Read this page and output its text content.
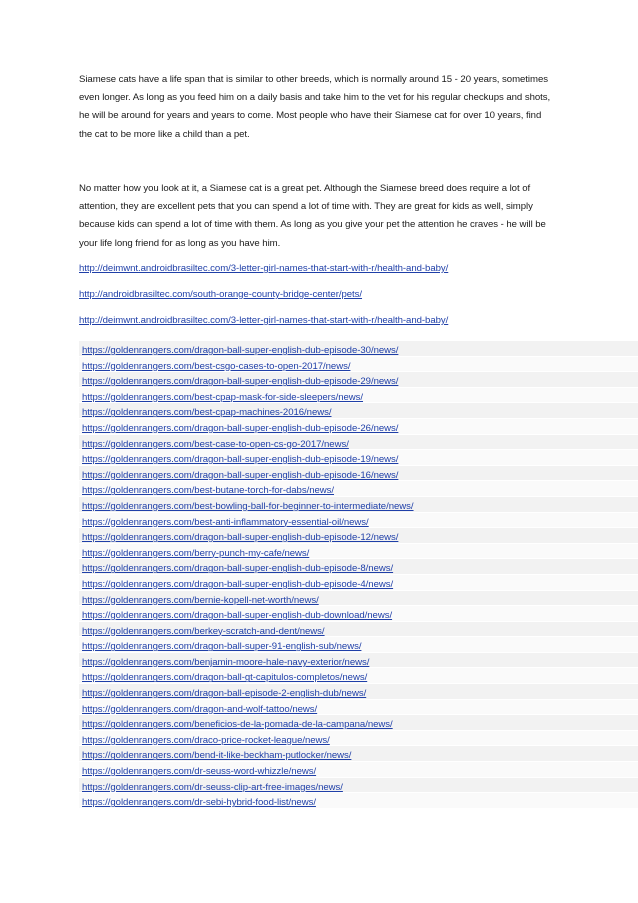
Siamese cats have a life span that is similar to other breeds, which is normally around 15 - 20 years, sometimes even longer. As long as you feed him on a daily basis and take him to the vet for his regular checkups and shots, he will be around for years and years to come. Most people who have their Siamese cat for over 10 years, find the cat to be more like a child than a pet.

No matter how you look at it, a Siamese cat is a great pet. Although the Siamese breed does require a lot of attention, they are excellent pets that you can spend a lot of time with. They are great for kids as well, simply because kids can spend a lot of time with them. As long as you give your pet the attention he craves - he will be your life long friend for as long as you have him.

http://deimwnt.androidbrasiltec.com/3-letter-girl-names-that-start-with-r/health-and-baby/
http://androidbrasiltec.com/south-orange-county-bridge-center/pets/
http://deimwnt.androidbrasiltec.com/3-letter-girl-names-that-start-with-r/health-and-baby/
https://goldenrangers.com/dragon-ball-super-english-dub-episode-30/news/
https://goldenrangers.com/best-csgo-cases-to-open-2017/news/
https://goldenrangers.com/dragon-ball-super-english-dub-episode-29/news/
https://goldenrangers.com/best-cpap-mask-for-side-sleepers/news/
https://goldenrangers.com/best-cpap-machines-2016/news/
https://goldenrangers.com/dragon-ball-super-english-dub-episode-26/news/
https://goldenrangers.com/best-case-to-open-cs-go-2017/news/
https://goldenrangers.com/dragon-ball-super-english-dub-episode-19/news/
https://goldenrangers.com/dragon-ball-super-english-dub-episode-16/news/
https://goldenrangers.com/best-butane-torch-for-dabs/news/
https://goldenrangers.com/best-bowling-ball-for-beginner-to-intermediate/news/
https://goldenrangers.com/best-anti-inflammatory-essential-oil/news/
https://goldenrangers.com/dragon-ball-super-english-dub-episode-12/news/
https://goldenrangers.com/berry-punch-my-cafe/news/
https://goldenrangers.com/dragon-ball-super-english-dub-episode-8/news/
https://goldenrangers.com/dragon-ball-super-english-dub-episode-4/news/
https://goldenrangers.com/bernie-kopell-net-worth/news/
https://goldenrangers.com/dragon-ball-super-english-dub-download/news/
https://goldenrangers.com/berkey-scratch-and-dent/news/
https://goldenrangers.com/dragon-ball-super-91-english-sub/news/
https://goldenrangers.com/benjamin-moore-hale-navy-exterior/news/
https://goldenrangers.com/dragon-ball-gt-capitulos-completos/news/
https://goldenrangers.com/dragon-ball-episode-2-english-dub/news/
https://goldenrangers.com/dragon-and-wolf-tattoo/news/
https://goldenrangers.com/beneficios-de-la-pomada-de-la-campana/news/
https://goldenrangers.com/draco-price-rocket-league/news/
https://goldenrangers.com/bend-it-like-beckham-putlocker/news/
https://goldenrangers.com/dr-seuss-word-whizzle/news/
https://goldenrangers.com/dr-seuss-clip-art-free-images/news/
https://goldenrangers.com/dr-sebi-hybrid-food-list/news/
